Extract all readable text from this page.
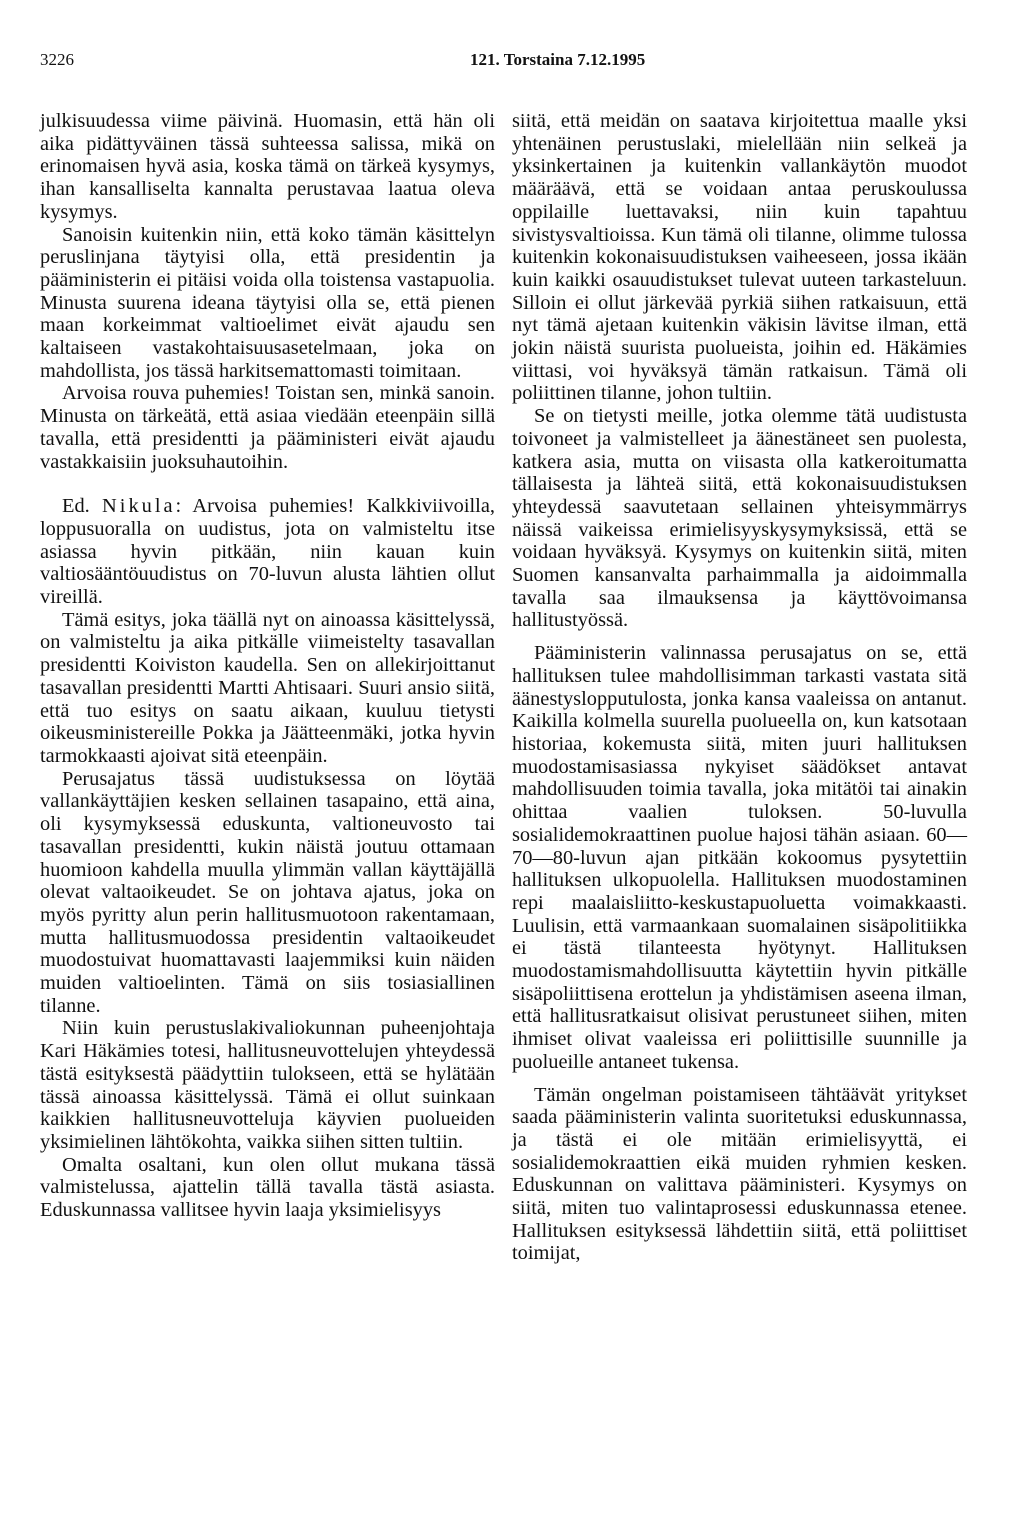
3226	121. Torstaina 7.12.1995

julkisuudessa viime päivinä. Huomasin, että hän oli aika pidättyväinen tässä suhteessa salissa, mikä on erinomaisen hyvä asia, koska tämä on tärkeä kysymys, ihan kansalliselta kannalta perustavaa laatua oleva kysymys.

Sanoisin kuitenkin niin, että koko tämän käsittelyn peruslinjana täytyisi olla, että presidentin ja pääministerin ei pitäisi voida olla toistensa vastapuolia. Minusta suurena ideana täytyisi olla se, että pienen maan korkeimmat valtioelimet eivät ajaudu sen kaltaiseen vastakohtaisuusasetelmaan, joka on mahdollista, jos tässä harkitsemattomasti toimitaan.

Arvoisa rouva puhemies! Toistan sen, minkä sanoin. Minusta on tärkeätä, että asiaa viedään eteenpäin sillä tavalla, että presidentti ja pääministeri eivät ajaudu vastakkaisiin juoksuhautoihin.

Ed. Nikula: Arvoisa puhemies! Kalkkiviivoilla, loppusuoralla on uudistus, jota on valmisteltu itse asiassa hyvin pitkään, niin kauan kuin valtiosääntöuudistus on 70-luvun alusta lähtien ollut vireillä.

Tämä esitys, joka täällä nyt on ainoassa käsittelyssä, on valmisteltu ja aika pitkälle viimeistelty tasavallan presidentti Koiviston kaudella. Sen on allekirjoittanut tasavallan presidentti Martti Ahtisaari. Suuri ansio siitä, että tuo esitys on saatu aikaan, kuuluu tietysti oikeusministereille Pokka ja Jäätteenmäki, jotka hyvin tarmokkaasti ajoivat sitä eteenpäin.

Perusajatus tässä uudistuksessa on löytää vallankäyttäjien kesken sellainen tasapaino, että aina, oli kysymyksessä eduskunta, valtioneuvosto tai tasavallan presidentti, kukin näistä joutuu ottamaan huomioon kahdella muulla ylimmän vallan käyttäjällä olevat valtaoikeudet. Se on johtava ajatus, joka on myös pyritty alun perin hallitusmuotoon rakentamaan, mutta hallitusmuodossa presidentin valtaoikeudet muodostuivat huomattavasti laajemmiksi kuin näiden muiden valtioelinten. Tämä on siis tosiasiallinen tilanne.

Niin kuin perustuslakivaliokunnan puheenjohtaja Kari Häkämies totesi, hallitusneuvottelujen yhteydessä tästä esityksestä päädyttiin tulokseen, että se hylätään tässä ainoassa käsittelyssä. Tämä ei ollut suinkaan kaikkien hallitusneuvotteluja käyvien puolueiden yksimielinen lähtökohta, vaikka siihen sitten tultiin.

Omalta osaltani, kun olen ollut mukana tässä valmistelussa, ajattelin tällä tavalla tästä asiasta. Eduskunnassa vallitsee hyvin laaja yksimielisyys

siitä, että meidän on saatava kirjoitettua maalle yksi yhtenäinen perustuslaki, mielellään niin selkeä ja yksinkertainen ja kuitenkin vallankäytön muodot määräävä, että se voidaan antaa peruskoulussa oppilaille luettavaksi, niin kuin tapahtuu sivistysvaltioissa. Kun tämä oli tilanne, olimme tulossa kuitenkin kokonaisuudistuksen vaiheeseen, jossa ikään kuin kaikki osauudistukset tulevat uuteen tarkasteluun. Silloin ei ollut järkevää pyrkiä siihen ratkaisuun, että nyt tämä ajetaan kuitenkin väkisin lävitse ilman, että jokin näistä suurista puolueista, joihin ed. Häkämies viittasi, voi hyväksyä tämän ratkaisun. Tämä oli poliittinen tilanne, johon tultiin.

Se on tietysti meille, jotka olemme tätä uudistusta toivoneet ja valmistelleet ja äänestäneet sen puolesta, katkera asia, mutta on viisasta olla katkeroitumatta tällaisesta ja lähteä siitä, että kokonaisuudistuksen yhteydessä saavutetaan sellainen yhteisymmärrys näissä vaikeissa erimielisyyskysymyksissä, että se voidaan hyväksyä. Kysymys on kuitenkin siitä, miten Suomen kansanvalta parhaimmalla ja aidoimmalla tavalla saa ilmauksensa ja käyttövoimansa hallitustyössä.

Pääministerin valinnassa perusajatus on se, että hallituksen tulee mahdollisimman tarkasti vastata sitä äänestyslopputulosta, jonka kansa vaaleissa on antanut. Kaikilla kolmella suurella puolueella on, kun katsotaan historiaa, kokemusta siitä, miten juuri hallituksen muodostamisasiassa nykyiset säädökset antavat mahdollisuuden toimia tavalla, joka mitätöi tai ainakin ohittaa vaalien tuloksen. 50-luvulla sosialidemokraattinen puolue hajosi tähän asiaan. 60—70—80-luvun ajan pitkään kokoomus pysytettiin hallituksen ulkopuolella. Hallituksen muodostaminen repi maalaisliitto-keskustapuoluetta voimakkaasti. Luulisin, että varmaankaan suomalainen sisäpolitiikka ei tästä tilanteesta hyötynyt. Hallituksen muodostamismahdollisuutta käytettiin hyvin pitkälle sisäpoliittisena erottelun ja yhdistämisen aseena ilman, että hallitusratkaisut olisivat perustuneet siihen, miten ihmiset olivat vaaleissa eri poliittisille suunnille ja puolueille antaneet tukensa.

Tämän ongelman poistamiseen tähtäävät yritykset saada pääministerin valinta suoritetuksi eduskunnassa, ja tästä ei ole mitään erimielisyyttä, ei sosialidemokraattien eikä muiden ryhmien kesken. Eduskunnan on valittava pääministeri. Kysymys on siitä, miten tuo valintaprosessi eduskunnassa etenee. Hallituksen esityksessä lähdettiin siitä, että poliittiset toimijat,
